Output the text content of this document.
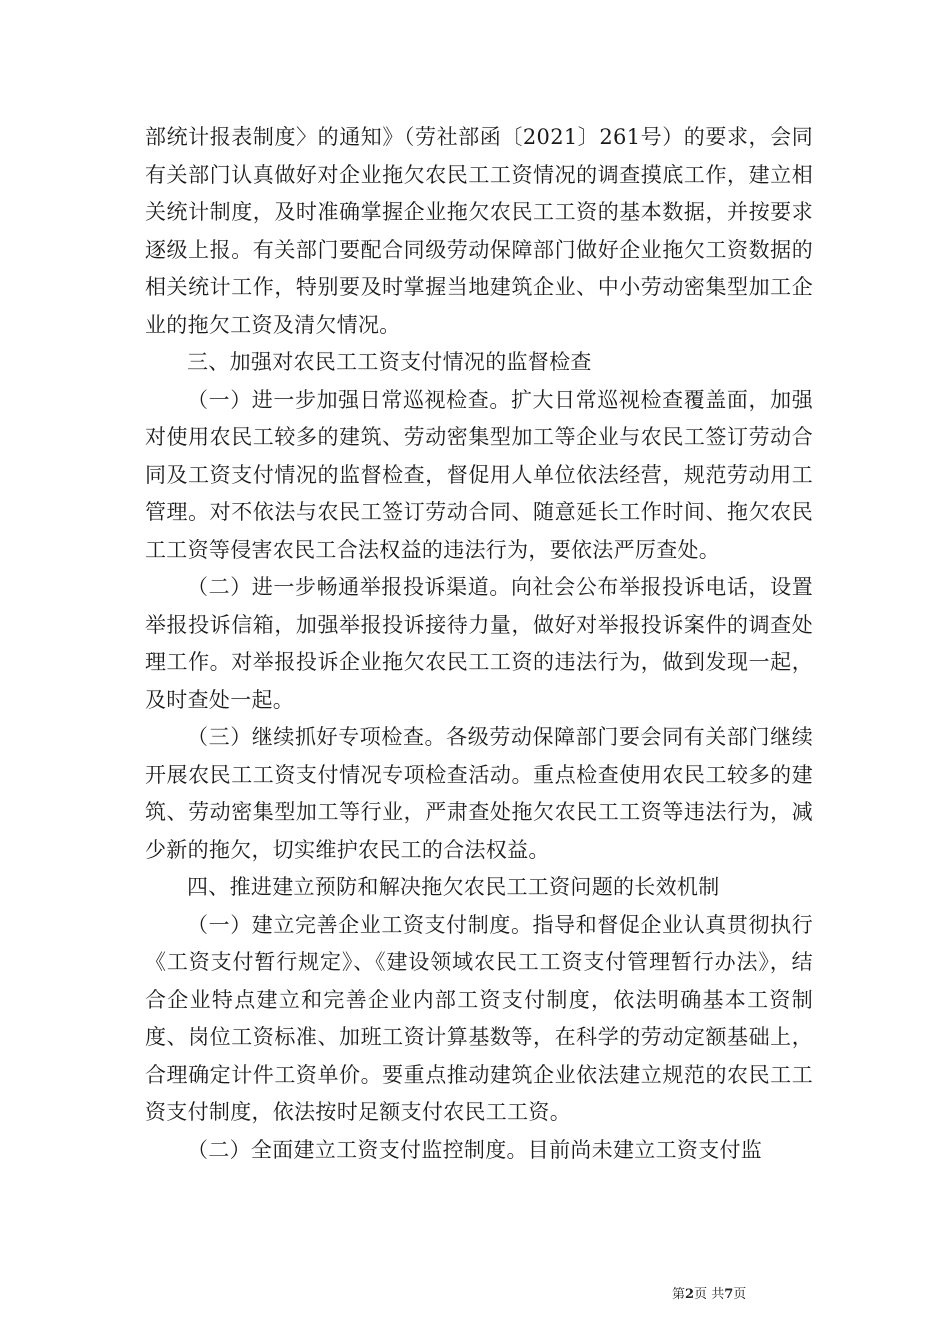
部统计报表制度〉的通知》（劳社部函〔2021〕261号）的要求，会同有关部门认真做好对企业拖欠农民工工资情况的调查摸底工作，建立相关统计制度，及时准确掌握企业拖欠农民工工资的基本数据，并按要求逐级上报。有关部门要配合同级劳动保障部门做好企业拖欠工资数据的相关统计工作，特别要及时掌握当地建筑企业、中小劳动密集型加工企业的拖欠工资及清欠情况。

三、加强对农民工工资支付情况的监督检查

（一）进一步加强日常巡视检查。扩大日常巡视检查覆盖面，加强对使用农民工较多的建筑、劳动密集型加工等企业与农民工签订劳动合同及工资支付情况的监督检查，督促用人单位依法经营，规范劳动用工管理。对不依法与农民工签订劳动合同、随意延长工作时间、拖欠农民工工资等侵害农民工合法权益的违法行为，要依法严厉查处。

（二）进一步畅通举报投诉渠道。向社会公布举报投诉电话，设置举报投诉信箱，加强举报投诉接待力量，做好对举报投诉案件的调查处理工作。对举报投诉企业拖欠农民工工资的违法行为，做到发现一起，及时查处一起。

（三）继续抓好专项检查。各级劳动保障部门要会同有关部门继续开展农民工工资支付情况专项检查活动。重点检查使用农民工较多的建筑、劳动密集型加工等行业，严肃查处拖欠农民工工资等违法行为，减少新的拖欠，切实维护农民工的合法权益。

四、推进建立预防和解决拖欠农民工工资问题的长效机制

（一）建立完善企业工资支付制度。指导和督促企业认真贯彻执行《工资支付暂行规定》、《建设领域农民工工资支付管理暂行办法》，结合企业特点建立和完善企业内部工资支付制度，依法明确基本工资制度、岗位工资标准、加班工资计算基数等，在科学的劳动定额基础上，合理确定计件工资单价。要重点推动建筑企业依法建立规范的农民工工资支付制度，依法按时足额支付农民工工资。

（二）全面建立工资支付监控制度。目前尚未建立工资支付监

第2页 共7页
